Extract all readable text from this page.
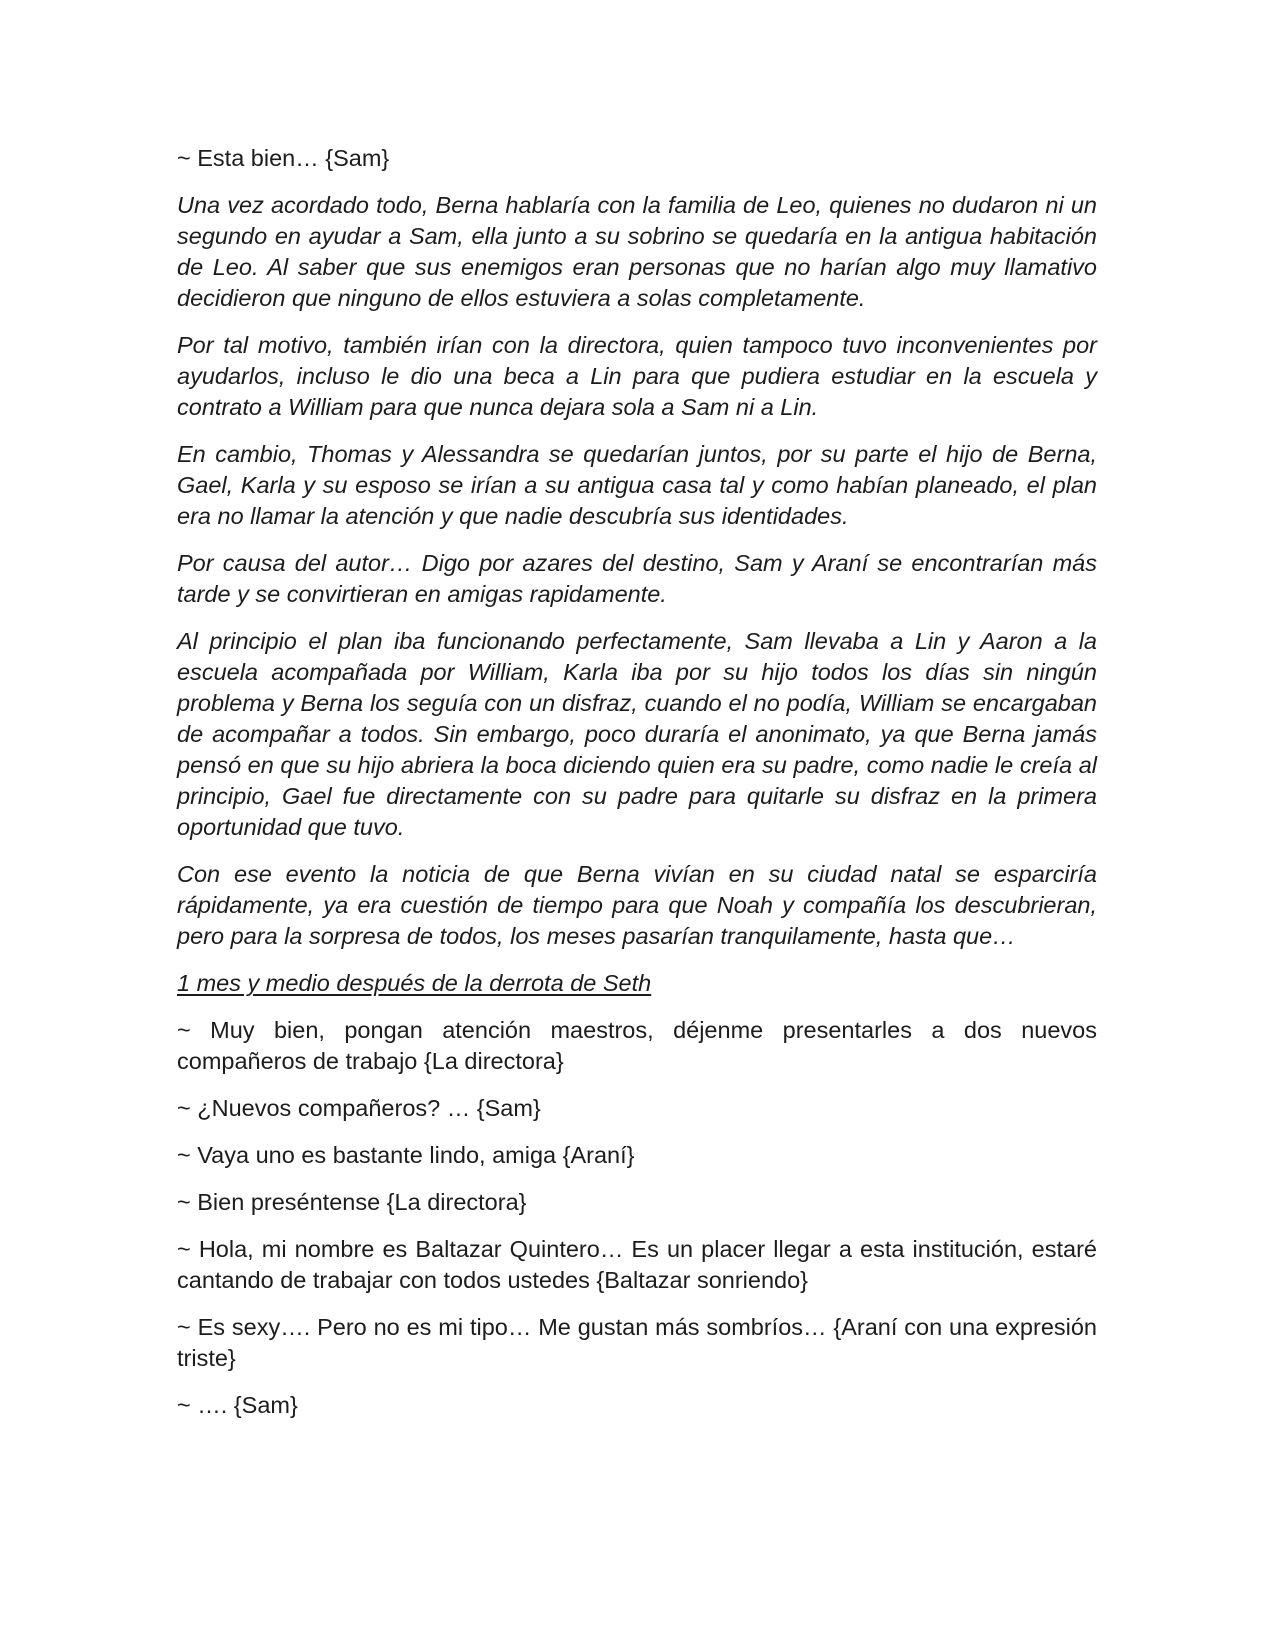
~ Esta bien… {Sam}

Una vez acordado todo, Berna hablaría con la familia de Leo, quienes no dudaron ni un segundo en ayudar a Sam, ella junto a su sobrino se quedaría en la antigua habitación de Leo. Al saber que sus enemigos eran personas que no harían algo muy llamativo decidieron que ninguno de ellos estuviera a solas completamente.

Por tal motivo, también irían con la directora, quien tampoco tuvo inconvenientes por ayudarlos, incluso le dio una beca a Lin para que pudiera estudiar en la escuela y contrato a William para que nunca dejara sola a Sam ni a Lin.

En cambio, Thomas y Alessandra se quedarían juntos, por su parte el hijo de Berna, Gael, Karla y su esposo se irían a su antigua casa tal y como habían planeado, el plan era no llamar la atención y que nadie descubría sus identidades.

Por causa del autor… Digo por azares del destino, Sam y Araní se encontrarían más tarde y se convirtieran en amigas rapidamente.

Al principio el plan iba funcionando perfectamente, Sam llevaba a Lin y Aaron a la escuela acompañada por William, Karla iba por su hijo todos los días sin ningún problema y Berna los seguía con un disfraz, cuando el no podía, William se encargaban de acompañar a todos. Sin embargo, poco duraría el anonimato, ya que Berna jamás pensó en que su hijo abriera la boca diciendo quien era su padre, como nadie le creía al principio, Gael fue directamente con su padre para quitarle su disfraz en la primera oportunidad que tuvo.

Con ese evento la noticia de que Berna vivían en su ciudad natal se esparciría rápidamente, ya era cuestión de tiempo para que Noah y compañía los descubrieran, pero para la sorpresa de todos, los meses pasarían tranquilamente, hasta que…

1 mes y medio después de la derrota de Seth

~ Muy bien, pongan atención maestros, déjenme presentarles a dos nuevos compañeros de trabajo {La directora}

~ ¿Nuevos compañeros? … {Sam}

~ Vaya uno es bastante lindo, amiga {Araní}

~ Bien preséntense {La directora}

~ Hola, mi nombre es Baltazar Quintero… Es un placer llegar a esta institución, estaré cantando de trabajar con todos ustedes {Baltazar sonriendo}

~ Es sexy…. Pero no es mi tipo… Me gustan más sombríos… {Araní con una expresión triste}

~ …. {Sam}
